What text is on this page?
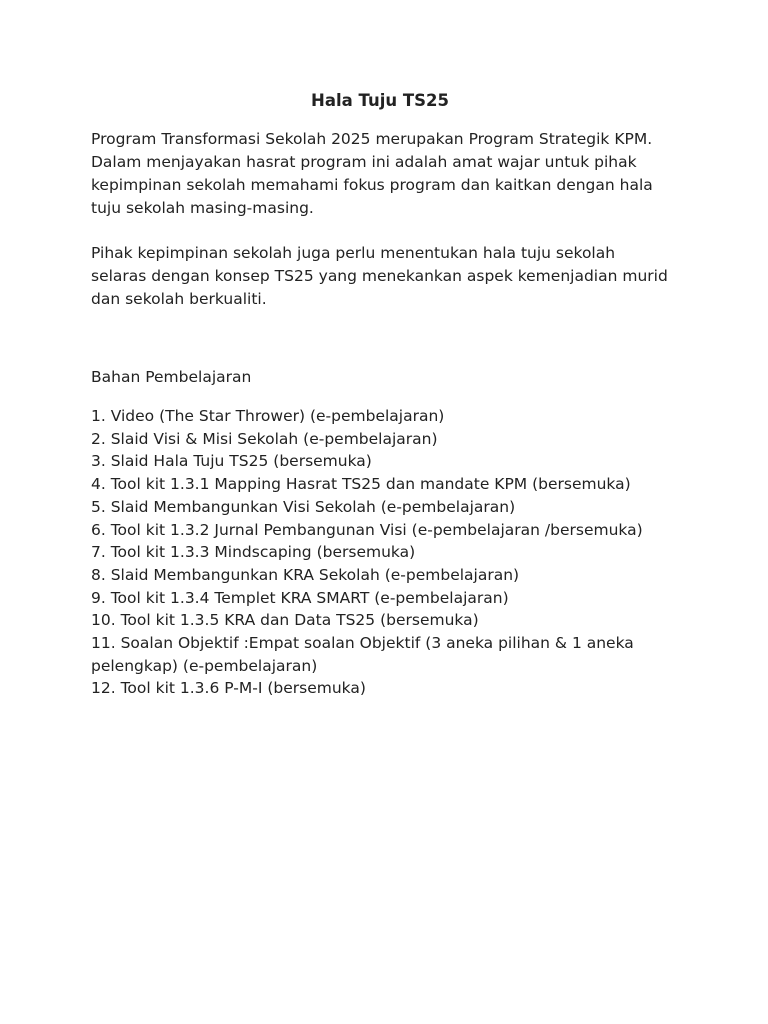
Hala Tuju TS25

Program Transformasi Sekolah 2025 merupakan Program Strategik KPM. Dalam menjayakan hasrat program ini adalah amat wajar untuk pihak kepimpinan sekolah memahami fokus program dan kaitkan dengan hala tuju sekolah masing-masing.

Pihak kepimpinan sekolah juga perlu menentukan hala tuju sekolah selaras dengan konsep TS25 yang menekankan aspek kemenjadian murid dan sekolah berkualiti.

Bahan Pembelajaran
1. Video (The Star Thrower) (e-pembelajaran)
2. Slaid Visi & Misi Sekolah (e-pembelajaran)
3. Slaid Hala Tuju TS25 (bersemuka)
4. Tool kit 1.3.1 Mapping Hasrat TS25 dan mandate KPM (bersemuka)
5. Slaid Membangunkan Visi Sekolah (e-pembelajaran)
6. Tool kit 1.3.2 Jurnal Pembangunan Visi (e-pembelajaran /bersemuka)
7. Tool kit 1.3.3 Mindscaping (bersemuka)
8. Slaid Membangunkan KRA Sekolah (e-pembelajaran)
9. Tool kit 1.3.4 Templet KRA SMART (e-pembelajaran)
10. Tool kit 1.3.5 KRA dan Data TS25 (bersemuka)
11. Soalan Objektif :Empat soalan Objektif (3 aneka pilihan & 1 aneka
pelengkap) (e-pembelajaran)
12. Tool kit 1.3.6 P-M-I (bersemuka)
